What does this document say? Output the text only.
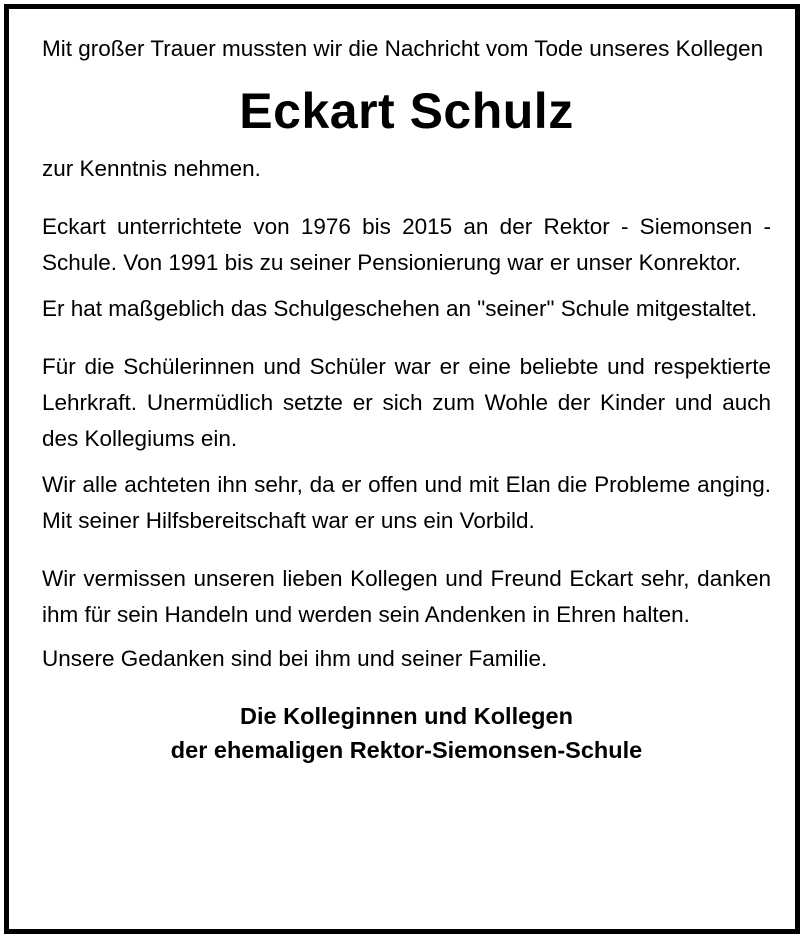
Mit großer Trauer mussten wir die Nachricht vom Tode unseres Kollegen

Eckart Schulz

zur Kenntnis nehmen.

Eckart unterrichtete von 1976 bis 2015 an der Rektor - Siemonsen - Schule. Von 1991 bis zu seiner Pensionierung war er unser Konrektor.

Er hat maßgeblich das Schulgeschehen an "seiner" Schule mitgestaltet.

Für die Schülerinnen und Schüler war er eine beliebte und respektierte Lehrkraft. Unermüdlich setzte er sich zum Wohle der Kinder und auch des Kollegiums ein.

Wir alle achteten ihn sehr, da er offen und mit Elan die Probleme anging. Mit seiner Hilfsbereitschaft war er uns ein Vorbild.

Wir vermissen unseren lieben Kollegen und Freund Eckart sehr, danken ihm für sein Handeln und werden sein Andenken in Ehren halten.

Unsere Gedanken sind bei ihm und seiner Familie.

Die Kolleginnen und Kollegen

der ehemaligen Rektor-Siemonsen-Schule
